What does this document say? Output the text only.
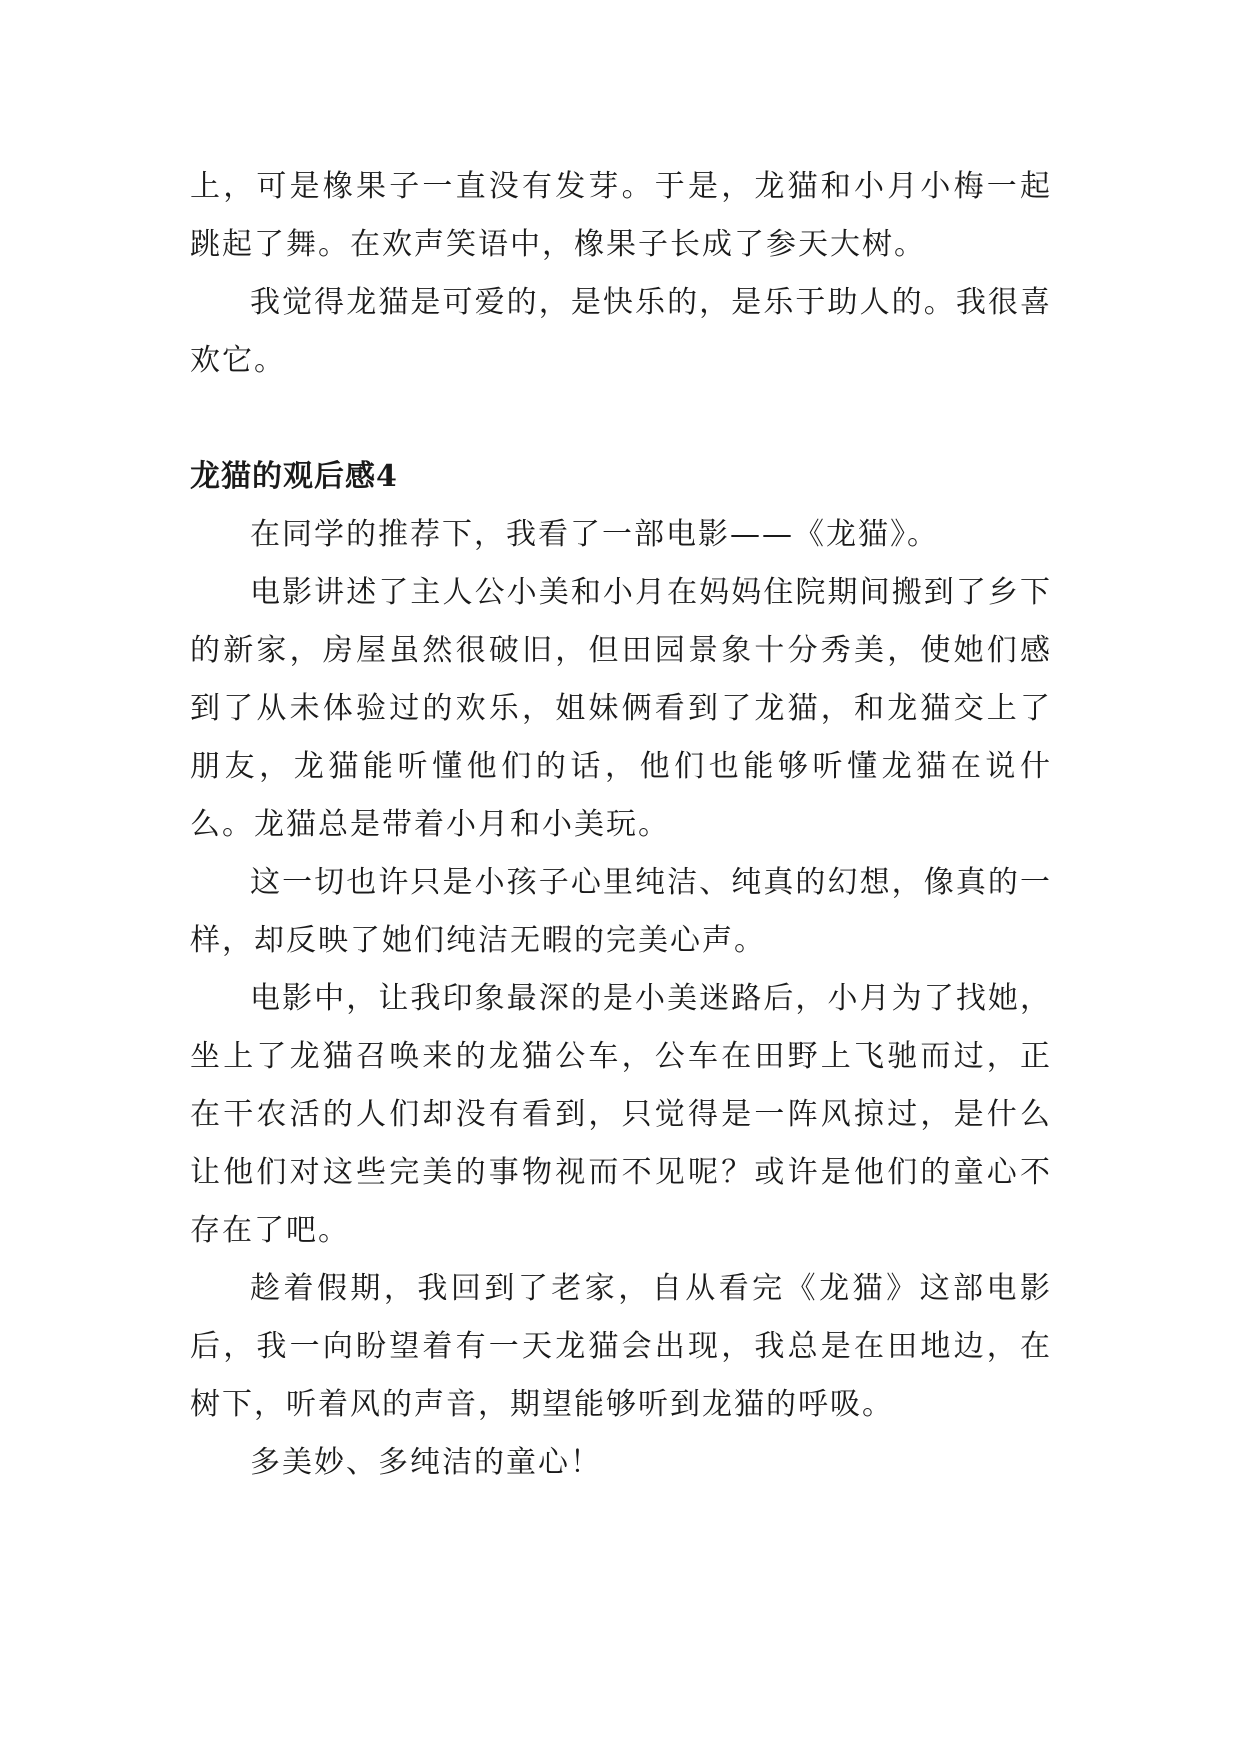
上，可是橡果子一直没有发芽。于是，龙猫和小月小梅一起跳起了舞。在欢声笑语中，橡果子长成了参天大树。

我觉得龙猫是可爱的，是快乐的，是乐于助人的。我很喜欢它。

龙猫的观后感4

在同学的推荐下，我看了一部电影——《龙猫》。

电影讲述了主人公小美和小月在妈妈住院期间搬到了乡下的新家，房屋虽然很破旧，但田园景象十分秀美，使她们感到了从未体验过的欢乐，姐妹俩看到了龙猫，和龙猫交上了朋友，龙猫能听懂他们的话，他们也能够听懂龙猫在说什么。龙猫总是带着小月和小美玩。

这一切也许只是小孩子心里纯洁、纯真的幻想，像真的一样，却反映了她们纯洁无暇的完美心声。

电影中，让我印象最深的是小美迷路后，小月为了找她，坐上了龙猫召唤来的龙猫公车，公车在田野上飞驰而过，正在干农活的人们却没有看到，只觉得是一阵风掠过，是什么让他们对这些完美的事物视而不见呢？或许是他们的童心不存在了吧。

趁着假期，我回到了老家，自从看完《龙猫》这部电影后，我一向盼望着有一天龙猫会出现，我总是在田地边，在树下，听着风的声音，期望能够听到龙猫的呼吸。

多美妙、多纯洁的童心！
